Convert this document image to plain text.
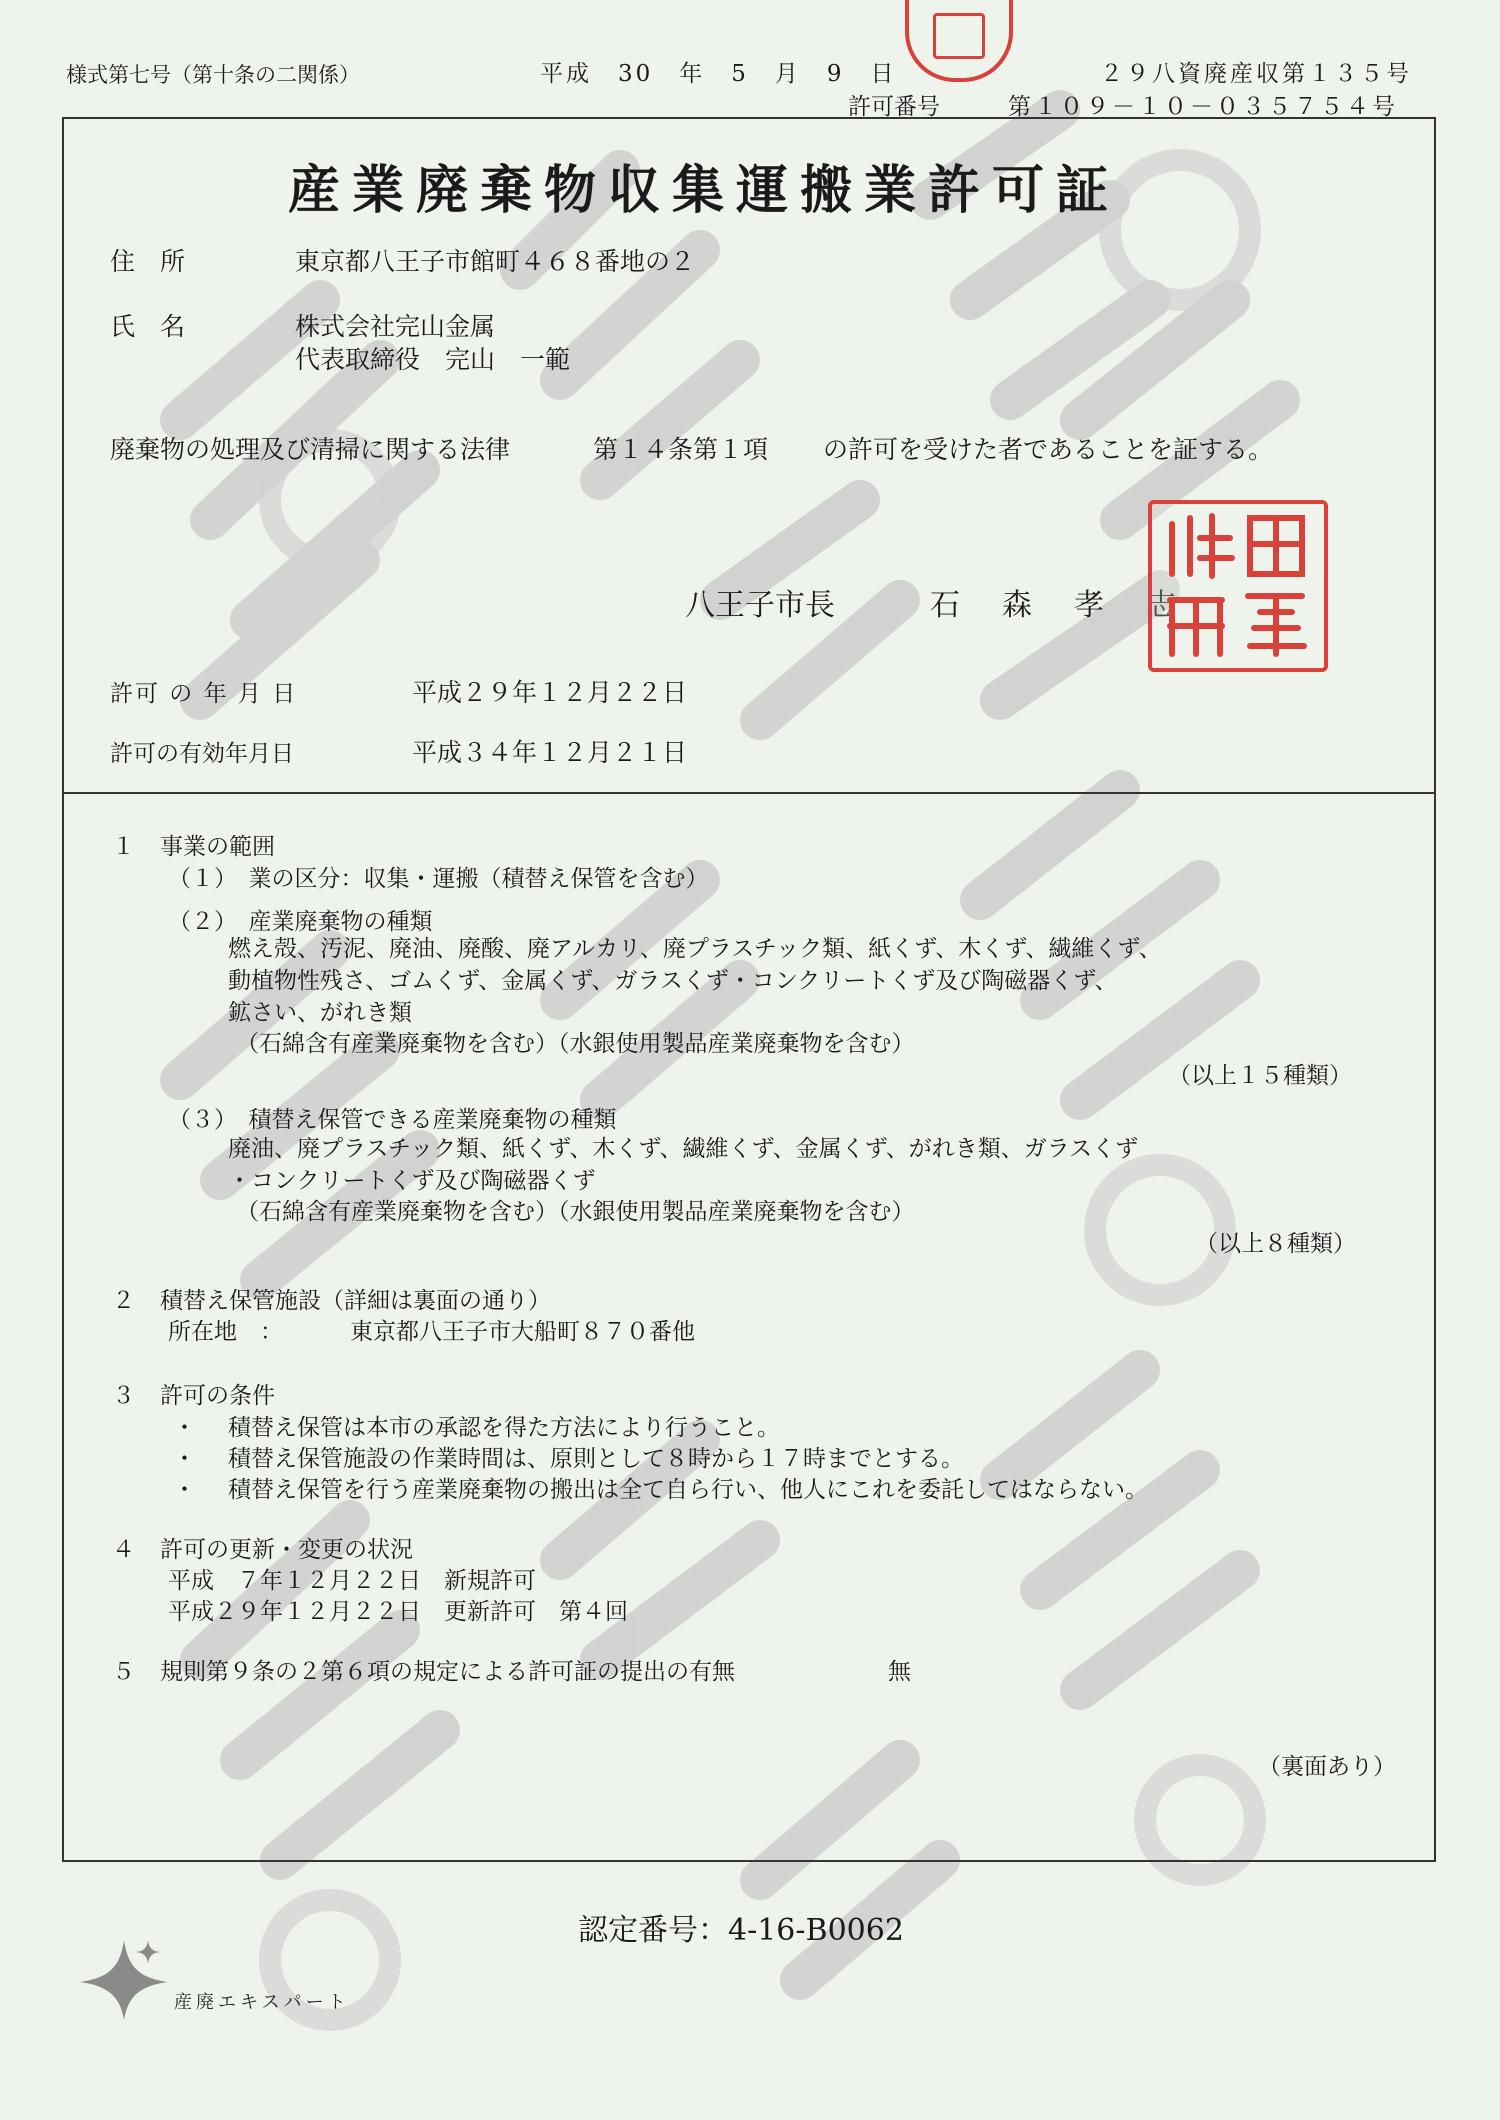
様式第七号（第十条の二関係）	平成　30　年　5　月　9　日	２９八資廃産収第１３５号
許可番号	第１０９－１０－０３５７５４号
産業廃棄物収集運搬業許可証
住　所	東京都八王子市館町４６８番地の２
氏　名	株式会社完山金属
代表取締役　完山　一範
廃棄物の処理及び清掃に関する法律	第１４条第１項 の許可を受けた者であることを証する。
八王子市長	石　森　孝　志
許可 の 年 月 日	平成２９年１２月２２日
許可の有効年月日	平成３４年１２月２１日
１ 事業の範囲
（１）　業の区分：収集・運搬（積替え保管を含む）
（２）　産業廃棄物の種類
燃え殻、汚泥、廃油、廃酸、廃アルカリ、廃プラスチック類、紙くず、木くず、繊維くず、
動植物性残さ、ゴムくず、金属くず、ガラスくず・コンクリートくず及び陶磁器くず、
鉱さい、がれき類
（石綿含有産業廃棄物を含む）（水銀使用製品産業廃棄物を含む）
（以上１５種類）
（３）　積替え保管できる産業廃棄物の種類
廃油、廃プラスチック類、紙くず、木くず、繊維くず、金属くず、がれき類、ガラスくず
・コンクリートくず及び陶磁器くず
（石綿含有産業廃棄物を含む）（水銀使用製品産業廃棄物を含む）
（以上８種類）
２ 積替え保管施設（詳細は裏面の通り）
所在地　：	東京都八王子市大船町８７０番他
３ 許可の条件
・ 積替え保管は本市の承認を得た方法により行うこと。
・ 積替え保管施設の作業時間は、原則として８時から１７時までとする。
・ 積替え保管を行う産業廃棄物の搬出は全て自ら行い、他人にこれを委託してはならない。
４ 許可の更新・変更の状況
平成　７年１２月２２日　新規許可
平成２９年１２月２２日　更新許可　第４回
５ 規則第９条の２第６項の規定による許可証の提出の有無	無
（裏面あり）
認定番号：4-16-B0062
産廃エキスパート
